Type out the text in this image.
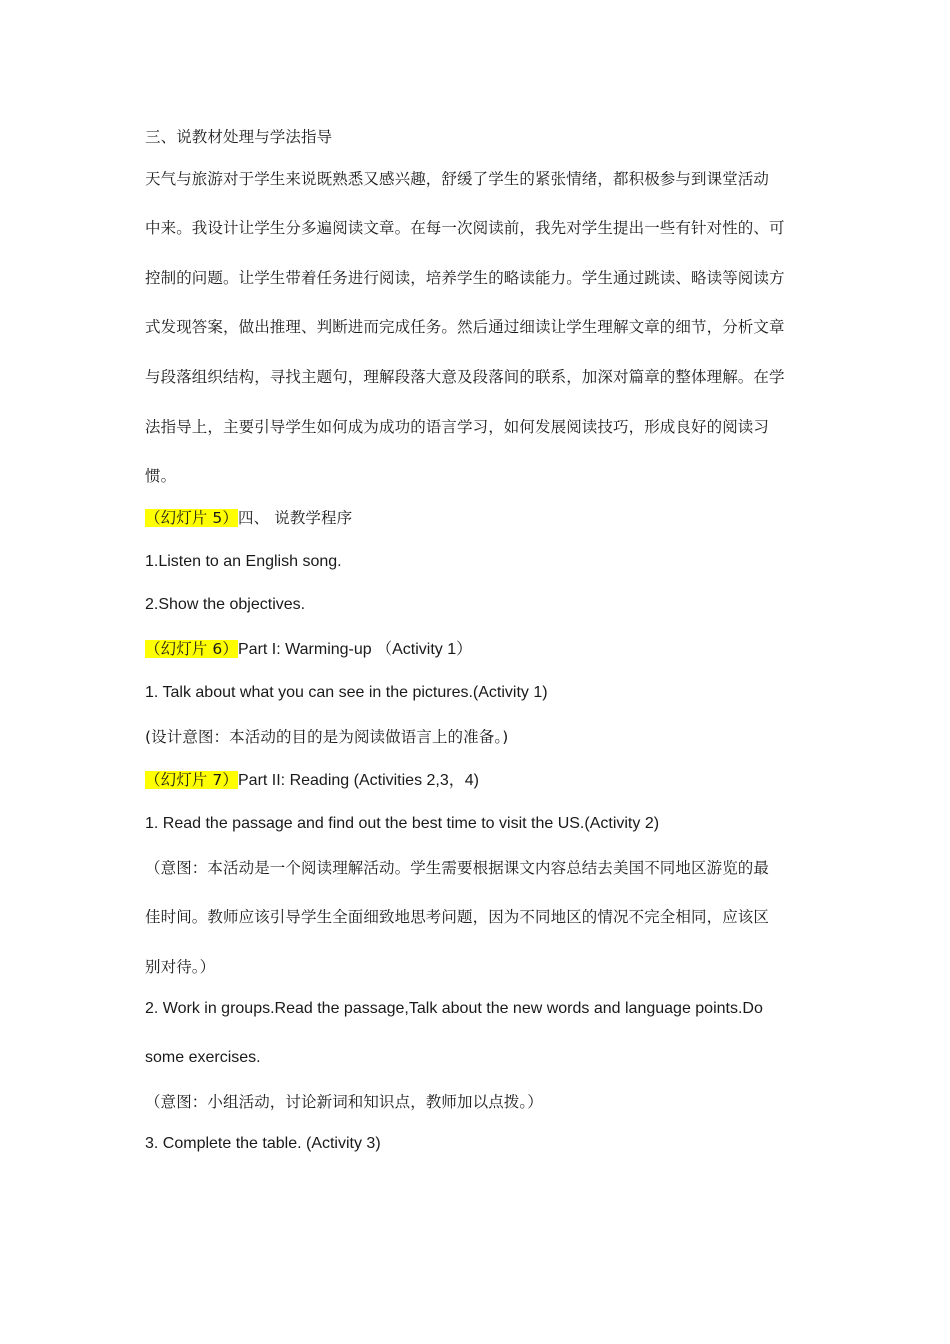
三、说教材处理与学法指导
天气与旅游对于学生来说既熟悉又感兴趣，舒缓了学生的紧张情绪，都积极参与到课堂活动
中来。我设计让学生分多遍阅读文章。在每一次阅读前，我先对学生提出一些有针对性的、可
控制的问题。让学生带着任务进行阅读，培养学生的略读能力。学生通过跳读、略读等阅读方
式发现答案，做出推理、判断进而完成任务。然后通过细读让学生理解文章的细节，分析文章
与段落组织结构，寻找主题句，理解段落大意及段落间的联系，加深对篇章的整体理解。在学
法指导上，主要引导学生如何成为成功的语言学习，如何发展阅读技巧，形成良好的阅读习
惯。
（幻灯片 5）四、 说教学程序
1.Listen to an English song.
2.Show the objectives.
（幻灯片 6）Part I: Warming-up （Activity 1）
1. Talk about what you can see in the pictures.(Activity 1)
(设计意图：本活动的目的是为阅读做语言上的准备。)
（幻灯片 7）Part II: Reading (Activities 2,3，4)
1. Read the passage and find out the best time to visit the US.(Activity 2)
（意图：本活动是一个阅读理解活动。学生需要根据课文内容总结去美国不同地区游览的最
佳时间。教师应该引导学生全面细致地思考问题，因为不同地区的情况不完全相同，应该区
别对待。）
2. Work in groups.Read the passage,Talk about the new words and language points.Do
some exercises.
（意图：小组活动，讨论新词和知识点，教师加以点拨。）
3. Complete the table. (Activity 3)
